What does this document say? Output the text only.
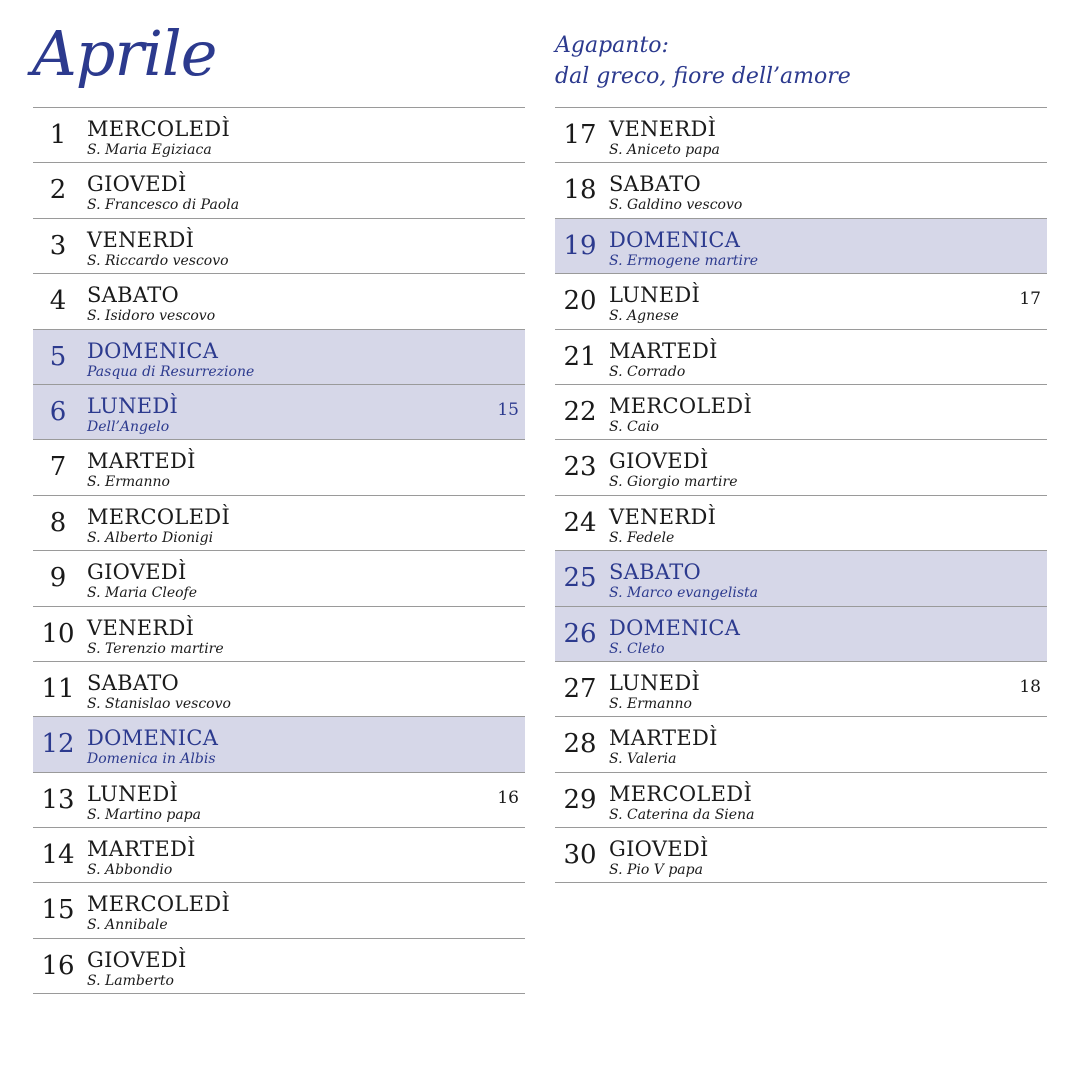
Aprile	Agapanto:
dal greco, fiore dell’amore
1 MERCOLEDÌ
S. Maria Egiziaca
2 GIOVEDÌ
S. Francesco di Paola
3 VENERDÌ
S. Riccardo vescovo
4 SABATO
S. Isidoro vescovo
5 DOMENICA
Pasqua di Resurrezione
6 LUNEDÌ
Dell’Angelo
15
7 MARTEDÌ
S. Ermanno
8 MERCOLEDÌ
S. Alberto Dionigi
9 GIOVEDÌ
S. Maria Cleofe
10 VENERDÌ
S. Terenzio martire
11 SABATO
S. Stanislao vescovo
12 DOMENICA
Domenica in Albis
13 LUNEDÌ
S. Martino papa
16
14 MARTEDÌ
S. Abbondio
15 MERCOLEDÌ
S. Annibale
16 GIOVEDÌ
S. Lamberto
17 VENERDÌ
S. Aniceto papa
18 SABATO
S. Galdino vescovo
19 DOMENICA
S. Ermogene martire
20 LUNEDÌ
S. Agnese
17
21 MARTEDÌ
S. Corrado
22 MERCOLEDÌ
S. Caio
23 GIOVEDÌ
S. Giorgio martire
24 VENERDÌ
S. Fedele
25 SABATO
S. Marco evangelista
26 DOMENICA
S. Cleto
27 LUNEDÌ
S. Ermanno
18
28 MARTEDÌ
S. Valeria
29 MERCOLEDÌ
S. Caterina da Siena
30 GIOVEDÌ
S. Pio V papa
